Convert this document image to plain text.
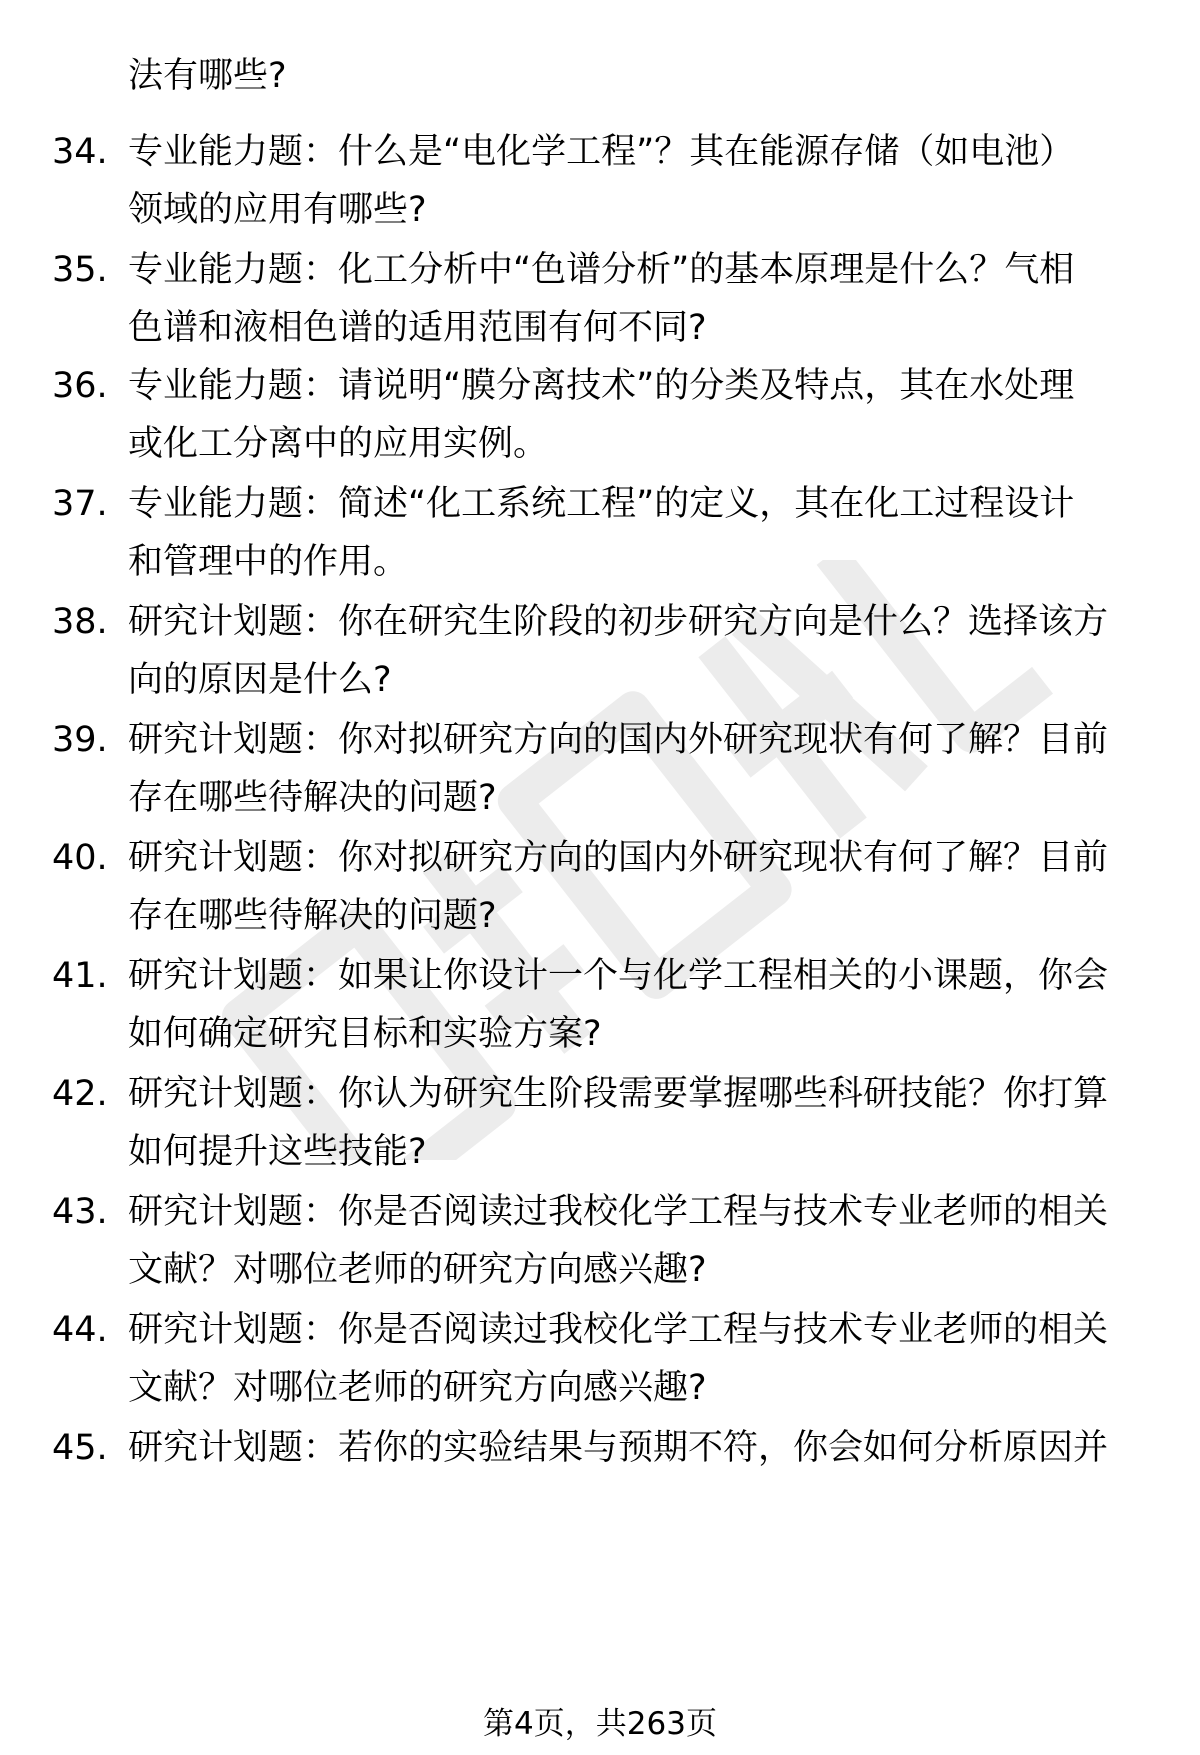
法有哪些?
34. 专业能力题：什么是“电化学工程”？其在能源存储（如电池）
领域的应用有哪些?
35. 专业能力题：化工分析中“色谱分析”的基本原理是什么？气相
色谱和液相色谱的适用范围有何不同?
36. 专业能力题：请说明“膜分离技术”的分类及特点，其在水处理
或化工分离中的应用实例。
37. 专业能力题：简述“化工系统工程”的定义，其在化工过程设计
和管理中的作用。
38. 研究计划题：你在研究生阶段的初步研究方向是什么？选择该方
向的原因是什么?
39. 研究计划题：你对拟研究方向的国内外研究现状有何了解？目前
存在哪些待解决的问题?
40. 研究计划题：你对拟研究方向的国内外研究现状有何了解？目前
存在哪些待解决的问题?
41. 研究计划题：如果让你设计一个与化学工程相关的小课题，你会
如何确定研究目标和实验方案?
42. 研究计划题：你认为研究生阶段需要掌握哪些科研技能？你打算
如何提升这些技能?
43. 研究计划题：你是否阅读过我校化学工程与技术专业老师的相关
文献？对哪位老师的研究方向感兴趣?
44. 研究计划题：你是否阅读过我校化学工程与技术专业老师的相关
文献？对哪位老师的研究方向感兴趣?
45. 研究计划题：若你的实验结果与预期不符，你会如何分析原因并
第4页，共263页
